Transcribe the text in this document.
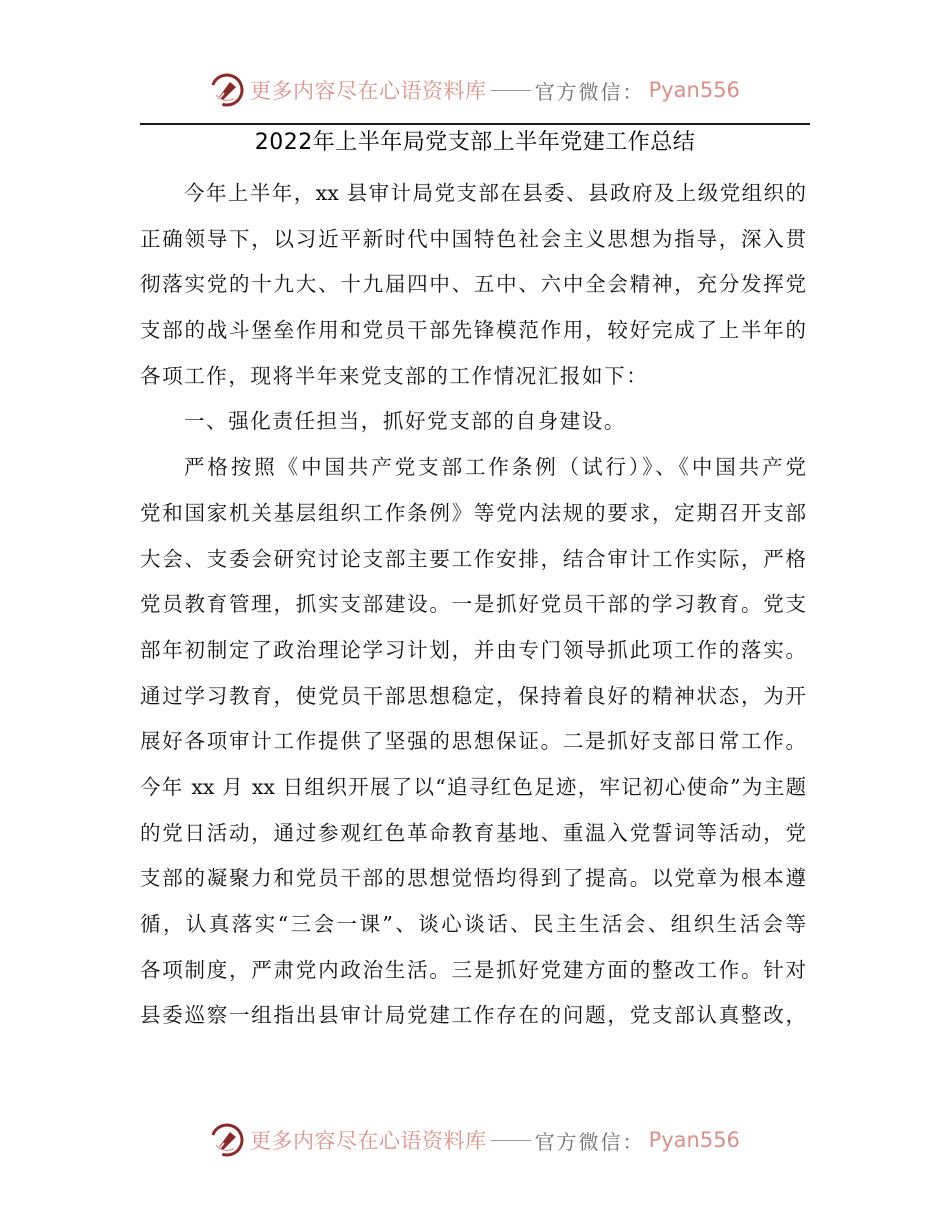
更多内容尽在心语资料库 官方微信： Pyan556
2022年上半年局党支部上半年党建工作总结
今年上半年，xx 县审计局党支部在县委、县政府及上级党组织的
正确领导下，以习近平新时代中国特色社会主义思想为指导，深入贯
彻落实党的十九大、十九届四中、五中、六中全会精神，充分发挥党
支部的战斗堡垒作用和党员干部先锋模范作用，较好完成了上半年的
各项工作，现将半年来党支部的工作情况汇报如下：
一、强化责任担当，抓好党支部的自身建设。
严格按照《中国共产党支部工作条例（试行）》、《中国共产党
党和国家机关基层组织工作条例》等党内法规的要求，定期召开支部
大会、支委会研究讨论支部主要工作安排，结合审计工作实际，严格
党员教育管理，抓实支部建设。一是抓好党员干部的学习教育。党支
部年初制定了政治理论学习计划，并由专门领导抓此项工作的落实。
通过学习教育，使党员干部思想稳定，保持着良好的精神状态，为开
展好各项审计工作提供了坚强的思想保证。二是抓好支部日常工作。
今年 xx 月 xx 日组织开展了以“追寻红色足迹，牢记初心使命”为主题
的党日活动，通过参观红色革命教育基地、重温入党誓词等活动，党
支部的凝聚力和党员干部的思想觉悟均得到了提高。以党章为根本遵
循，认真落实“三会一课”、谈心谈话、民主生活会、组织生活会等
各项制度，严肃党内政治生活。三是抓好党建方面的整改工作。针对
县委巡察一组指出县审计局党建工作存在的问题，党支部认真整改，
更多内容尽在心语资料库 官方微信： Pyan556
